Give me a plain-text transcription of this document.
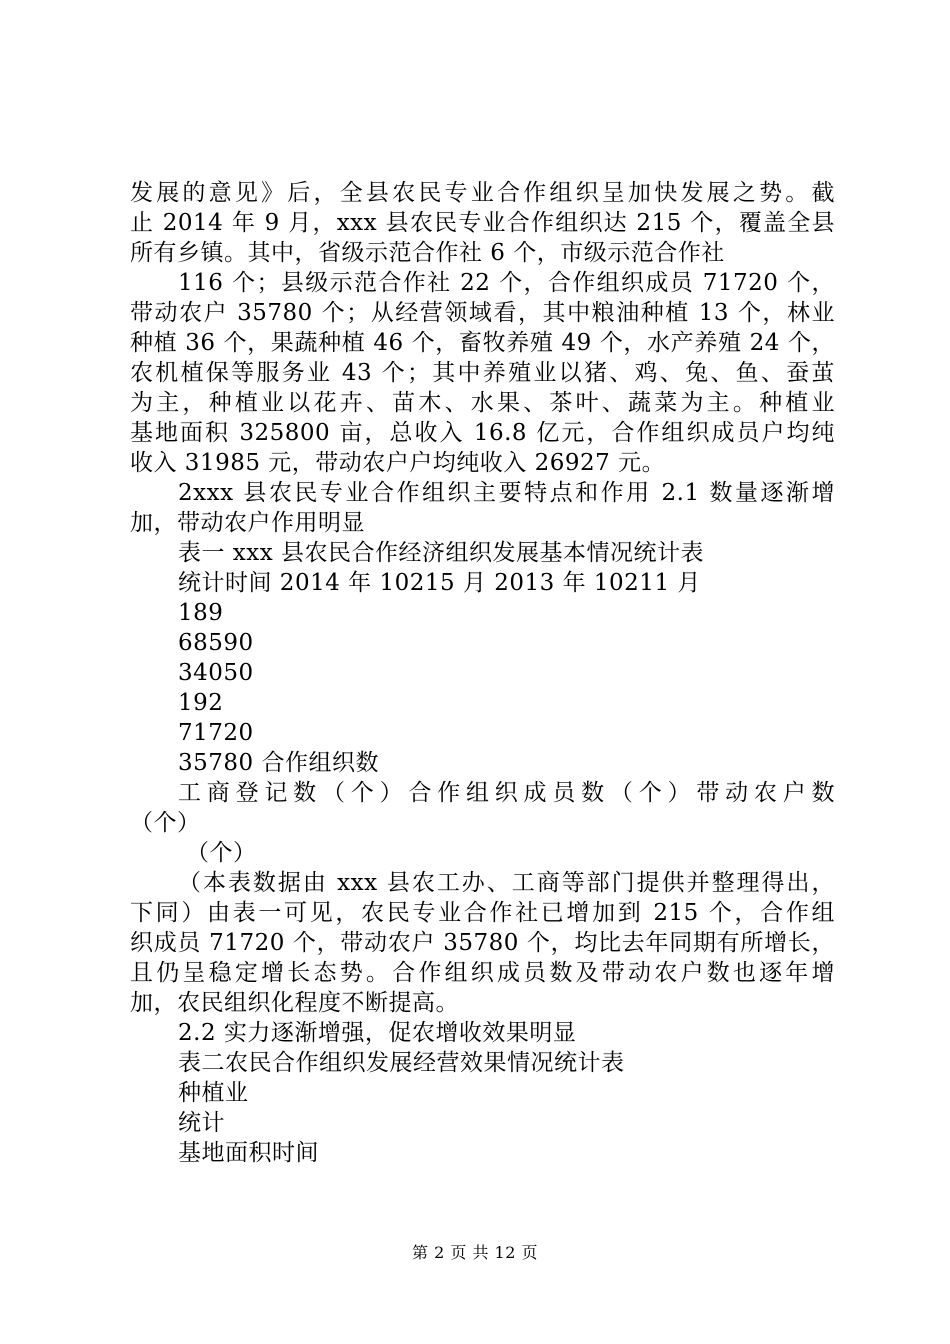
发展的意见》后，全县农民专业合作组织呈加快发展之势。截
止 2014 年 9 月，xxx 县农民专业合作组织达 215 个，覆盖全县
所有乡镇。其中，省级示范合作社 6 个，市级示范合作社
116 个；县级示范合作社 22 个，合作组织成员 71720 个，
带动农户 35780 个；从经营领域看，其中粮油种植 13 个，林业
种植 36 个，果蔬种植 46 个，畜牧养殖 49 个，水产养殖 24 个，
农机植保等服务业 43 个；其中养殖业以猪、鸡、兔、鱼、蚕茧
为主，种植业以花卉、苗木、水果、茶叶、蔬菜为主。种植业
基地面积 325800 亩，总收入 16.8 亿元，合作组织成员户均纯
收入 31985 元，带动农户户均纯收入 26927 元。
2xxx 县农民专业合作组织主要特点和作用 2.1 数量逐渐增
加，带动农户作用明显
表一 xxx 县农民合作经济组织发展基本情况统计表
统计时间 2014 年 10215 月 2013 年 10211 月
189
68590
34050
192
71720
35780 合作组织数
工商登记数（个）合作组织成员数（个）带动农户数
（个）
（个）
（本表数据由 xxx 县农工办、工商等部门提供并整理得出，
下同）由表一可见，农民专业合作社已增加到 215 个，合作组
织成员 71720 个，带动农户 35780 个，均比去年同期有所增长，
且仍呈稳定增长态势。合作组织成员数及带动农户数也逐年增
加，农民组织化程度不断提高。
2.2 实力逐渐增强，促农增收效果明显
表二农民合作组织发展经营效果情况统计表
种植业
统计
基地面积时间
第 2 页 共 12 页
